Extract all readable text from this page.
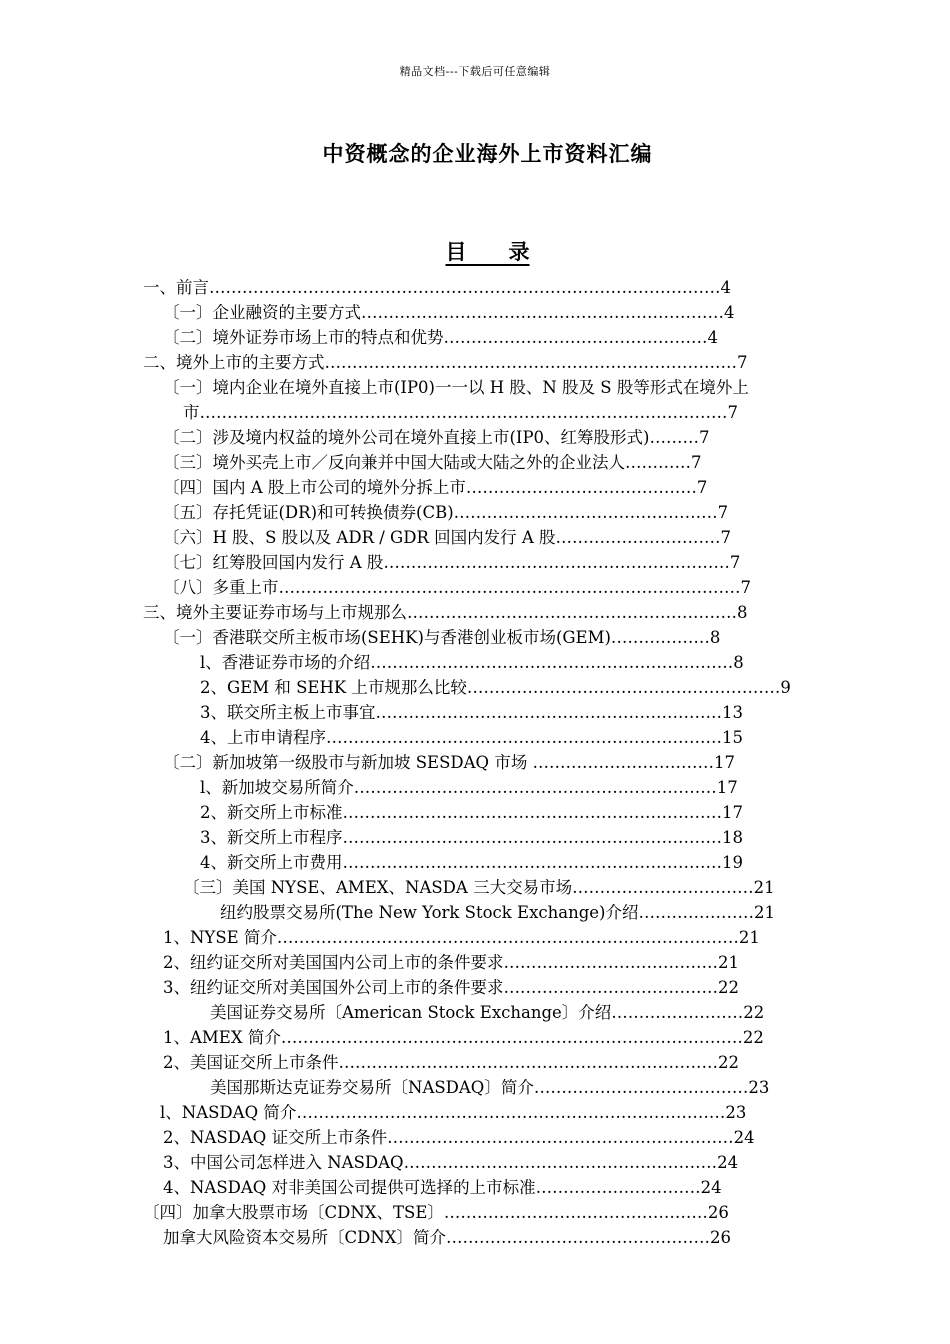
精品文档---下载后可任意编辑
中资概念的企业海外上市资料汇编
目　　录
一、前言…………………………………………………………………………………4
〔一〕企业融资的主要方式…………………………………………………………4
〔二〕境外证券市场上市的特点和优势…………………………………………4
二、境外上市的主要方式…………………………………………………………………7
〔一〕境内企业在境外直接上市(IP0)一一以 H 股、N 股及 S 股等形式在境外上
市……………………………………………………………………………………7
〔二〕涉及境内权益的境外公司在境外直接上市(IP0、红筹股形式)………7
〔三〕境外买壳上市／反向兼并中国大陆或大陆之外的企业法人…………7
〔四〕国内 A 股上市公司的境外分拆上市……………………………………7
〔五〕存托凭证(DR)和可转换债券(CB)…………………………………………7
〔六〕H 股、S 股以及 ADR / GDR 回国内发行 A 股…………………………7
〔七〕红筹股回国内发行 A 股………………………………………………………7
〔八〕多重上市…………………………………………………………………………7
三、境外主要证券市场与上市规那么……………………………………………………8
〔一〕香港联交所主板市场(SEHK)与香港创业板市场(GEM)………………8
l、香港证券市场的介绍…………………………………………………………8
2、GEM 和 SEHK 上市规那么比较…………………………………………………9
3、联交所主板上市事宜………………………………………………………13
4、上市申请程序………………………………………………………………15
〔二〕新加坡第一级股市与新加坡 SESDAQ 市场 ……………………………17
l、新加坡交易所简介…………………………………………………………17
2、新交所上市标准……………………………………………………………17
3、新交所上市程序……………………………………………………………18
4、新交所上市费用……………………………………………………………19
〔三〕美国 NYSE、AMEX、NASDA 三大交易市场……………………………21
纽约股票交易所(The New York Stock Exchange)介绍…………………21
1、NYSE 简介…………………………………………………………………………21
2、纽约证交所对美国国内公司上市的条件要求…………………………………21
3、纽约证交所对美国国外公司上市的条件要求…………………………………22
美国证券交易所〔American Stock Exchange〕介绍……………………22
1、AMEX 简介…………………………………………………………………………22
2、美国证交所上市条件……………………………………………………………22
美国那斯达克证券交易所〔NASDAQ〕简介…………………………………23
l、NASDAQ 简介……………………………………………………………………23
2、NASDAQ 证交所上市条件………………………………………………………24
3、中国公司怎样进入 NASDAQ…………………………………………………24
4、NASDAQ 对非美国公司提供可选择的上市标准…………………………24
〔四〕加拿大股票市场〔CDNX、TSE〕…………………………………………26
加拿大风险资本交易所〔CDNX〕简介…………………………………………26
